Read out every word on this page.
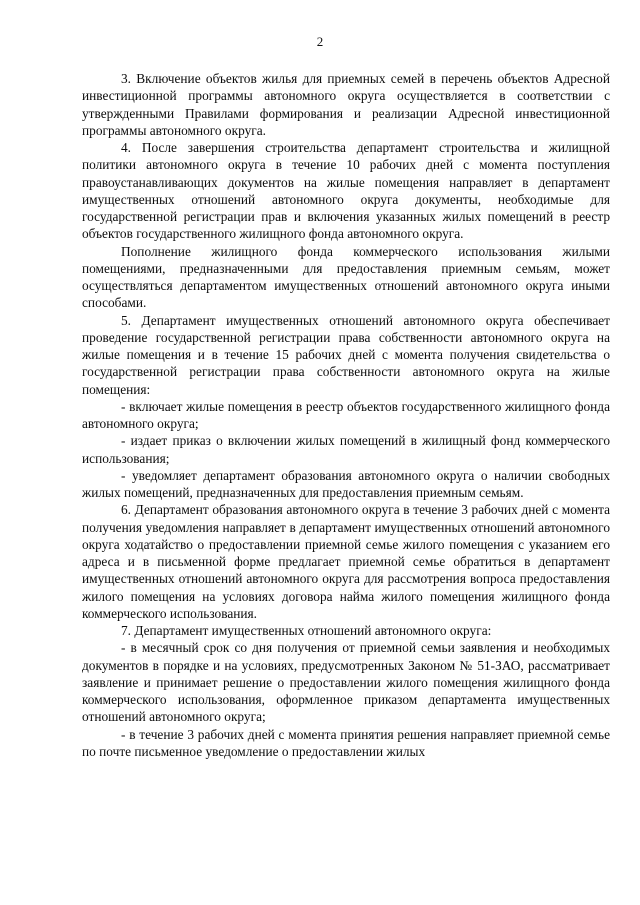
2

3. Включение объектов жилья для приемных семей в перечень объектов Адресной инвестиционной программы автономного округа осуществляется в соответствии с утвержденными Правилами формирования и реализации Адресной инвестиционной программы автономного округа.

4. После завершения строительства департамент строительства и жилищной политики автономного округа в течение 10 рабочих дней с момента поступления правоустанавливающих документов на жилые помещения направляет в департамент имущественных отношений автономного округа документы, необходимые для государственной регистрации прав и включения указанных жилых помещений в реестр объектов государственного жилищного фонда автономного округа.

Пополнение жилищного фонда коммерческого использования жилыми помещениями, предназначенными для предоставления приемным семьям, может осуществляться департаментом имущественных отношений автономного округа иными способами.

5. Департамент имущественных отношений автономного округа обеспечивает проведение государственной регистрации права собственности автономного округа на жилые помещения и в течение 15 рабочих дней с момента получения свидетельства о государственной регистрации права собственности автономного округа на жилые помещения:

- включает жилые помещения в реестр объектов государственного жилищного фонда автономного округа;

- издает приказ о включении жилых помещений в жилищный фонд коммерческого использования;

- уведомляет департамент образования автономного округа о наличии свободных жилых помещений, предназначенных для предоставления приемным семьям.

6. Департамент образования автономного округа в течение 3 рабочих дней с момента получения уведомления направляет в департамент имущественных отношений автономного округа ходатайство о предоставлении приемной семье жилого помещения с указанием его адреса и в письменной форме предлагает приемной семье обратиться в департамент имущественных отношений автономного округа для рассмотрения вопроса предоставления жилого помещения на условиях договора найма жилого помещения жилищного фонда коммерческого использования.

7. Департамент имущественных отношений автономного округа:

- в месячный срок со дня получения от приемной семьи заявления и необходимых документов в порядке и на условиях, предусмотренных Законом № 51-ЗАО, рассматривает заявление и принимает решение о предоставлении жилого помещения жилищного фонда коммерческого использования, оформленное приказом департамента имущественных отношений автономного округа;

- в течение 3 рабочих дней с момента принятия решения направляет приемной семье по почте письменное уведомление о предоставлении жилых
